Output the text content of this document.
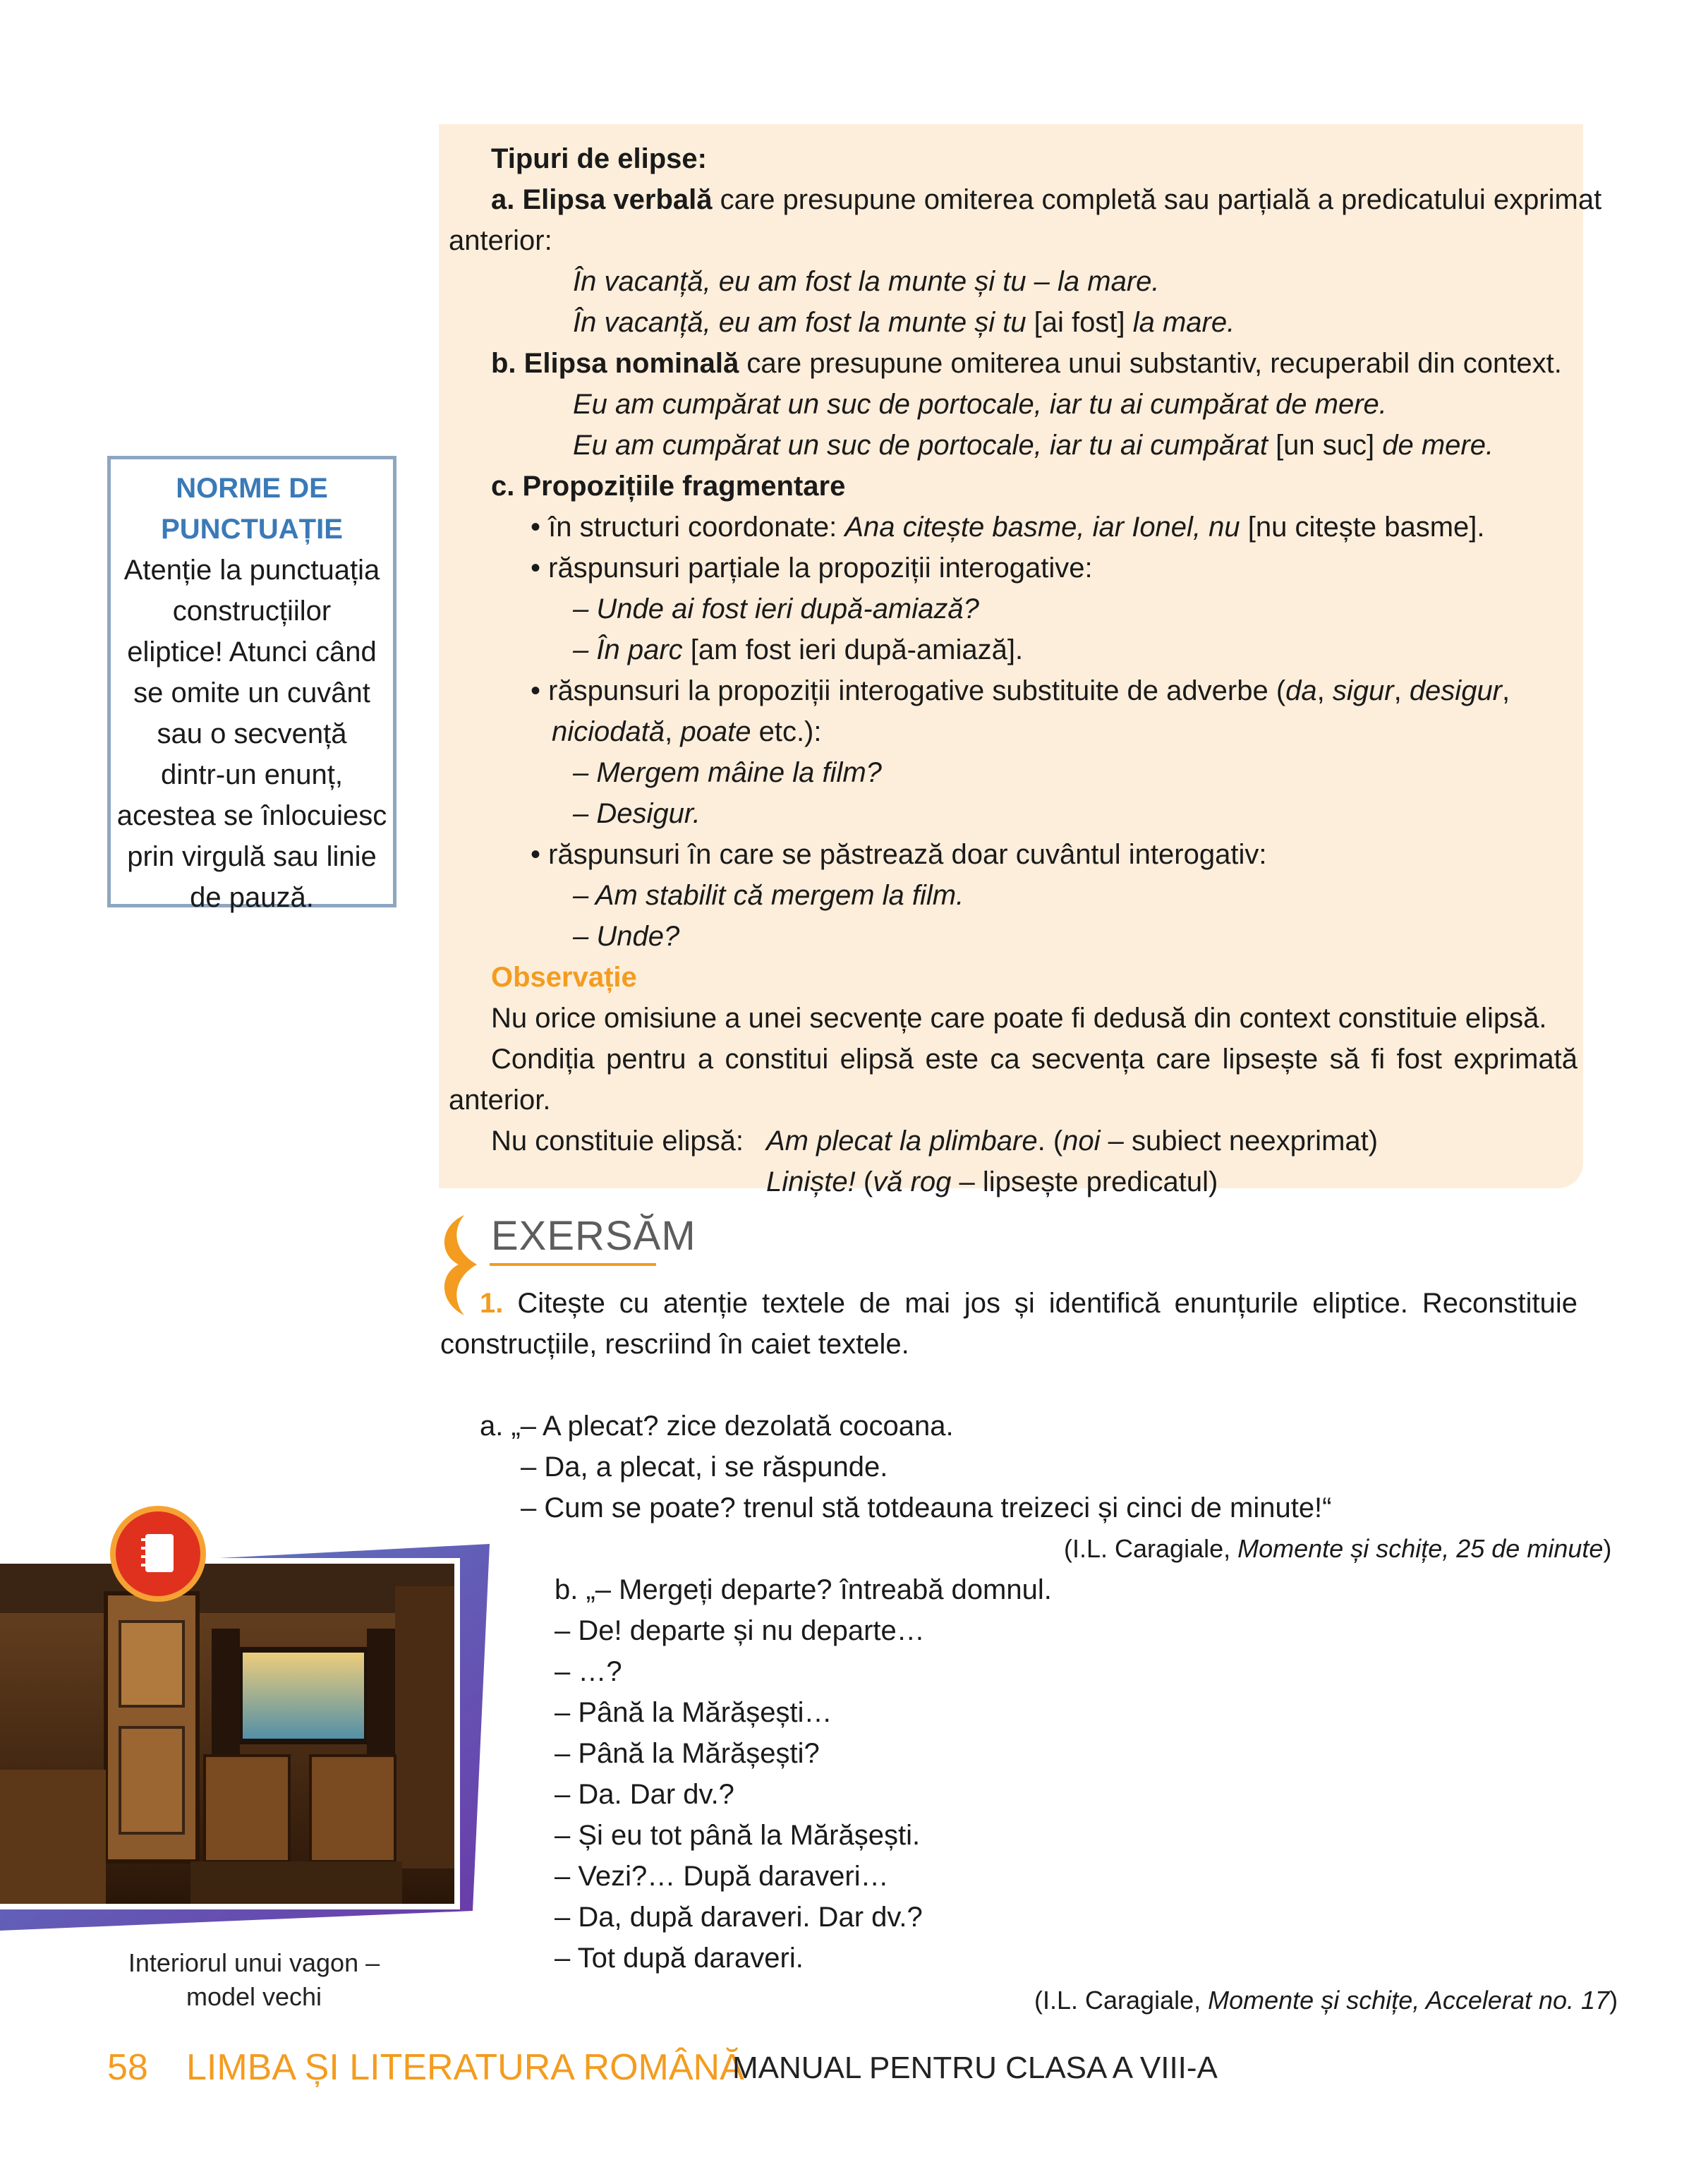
Tipuri de elipse:
a. Elipsa verbală care presupune omiterea completă sau parțială a predicatului exprimat
anterior:
În vacanță, eu am fost la munte și tu – la mare.
În vacanță, eu am fost la munte și tu [ai fost] la mare.
b. Elipsa nominală care presupune omiterea unui substantiv, recuperabil din context.
Eu am cumpărat un suc de portocale, iar tu ai cumpărat de mere.
Eu am cumpărat un suc de portocale, iar tu ai cumpărat [un suc] de mere.
c. Propozițiile fragmentare
• în structuri coordonate: Ana citește basme, iar Ionel, nu [nu citește basme].
• răspunsuri parțiale la propoziții interogative:
– Unde ai fost ieri după-amiază?
– În parc [am fost ieri după-amiază].
• răspunsuri la propoziții interogative substituite de adverbe (da, sigur, desigur,
niciodată, poate etc.):
– Mergem mâine la film?
– Desigur.
• răspunsuri în care se păstrează doar cuvântul interogativ:
– Am stabilit că mergem la film.
– Unde?
Observație
Nu orice omisiune a unei secvențe care poate fi dedusă din context constituie elipsă.
Condiția pentru a constitui elipsă este ca secvența care lipsește să fi fost exprimată
anterior.
Nu constituie elipsă: Am plecat la plimbare. (noi – subiect neexprimat)
Liniște! (vă rog – lipsește predicatul)
NORME DE
PUNCTUAȚIE
Atenție la punctuația
construcțiilor
eliptice! Atunci când
se omite un cuvânt
sau o secvență
dintr-un enunț,
acestea se înlocuiesc
prin virgulă sau linie
de pauză.
EXERSĂM
1. Citește cu atenție textele de mai jos și identifică enunțurile eliptice. Reconstituie
construcțiile, rescriind în caiet textele.
a. „– A plecat? zice dezolată cocoana.
– Da, a plecat, i se răspunde.
– Cum se poate? trenul stă totdeauna treizeci și cinci de minute!“
(I.L. Caragiale, Momente și schițe, 25 de minute)
b. „– Mergeți departe? întreabă domnul.
– De! departe și nu departe…
– …?
– Până la Mărășești…
– Până la Mărășești?
– Da. Dar dv.?
– Și eu tot până la Mărășești.
– Vezi?… După daraveri…
– Da, după daraveri. Dar dv.?
– Tot după daraveri.
(I.L. Caragiale, Momente și schițe, Accelerat no. 17)
Interiorul unui vagon –
model vechi
58 LIMBA ȘI LITERATURA ROMÂNĂ
MANUAL PENTRU CLASA A VIII-A
